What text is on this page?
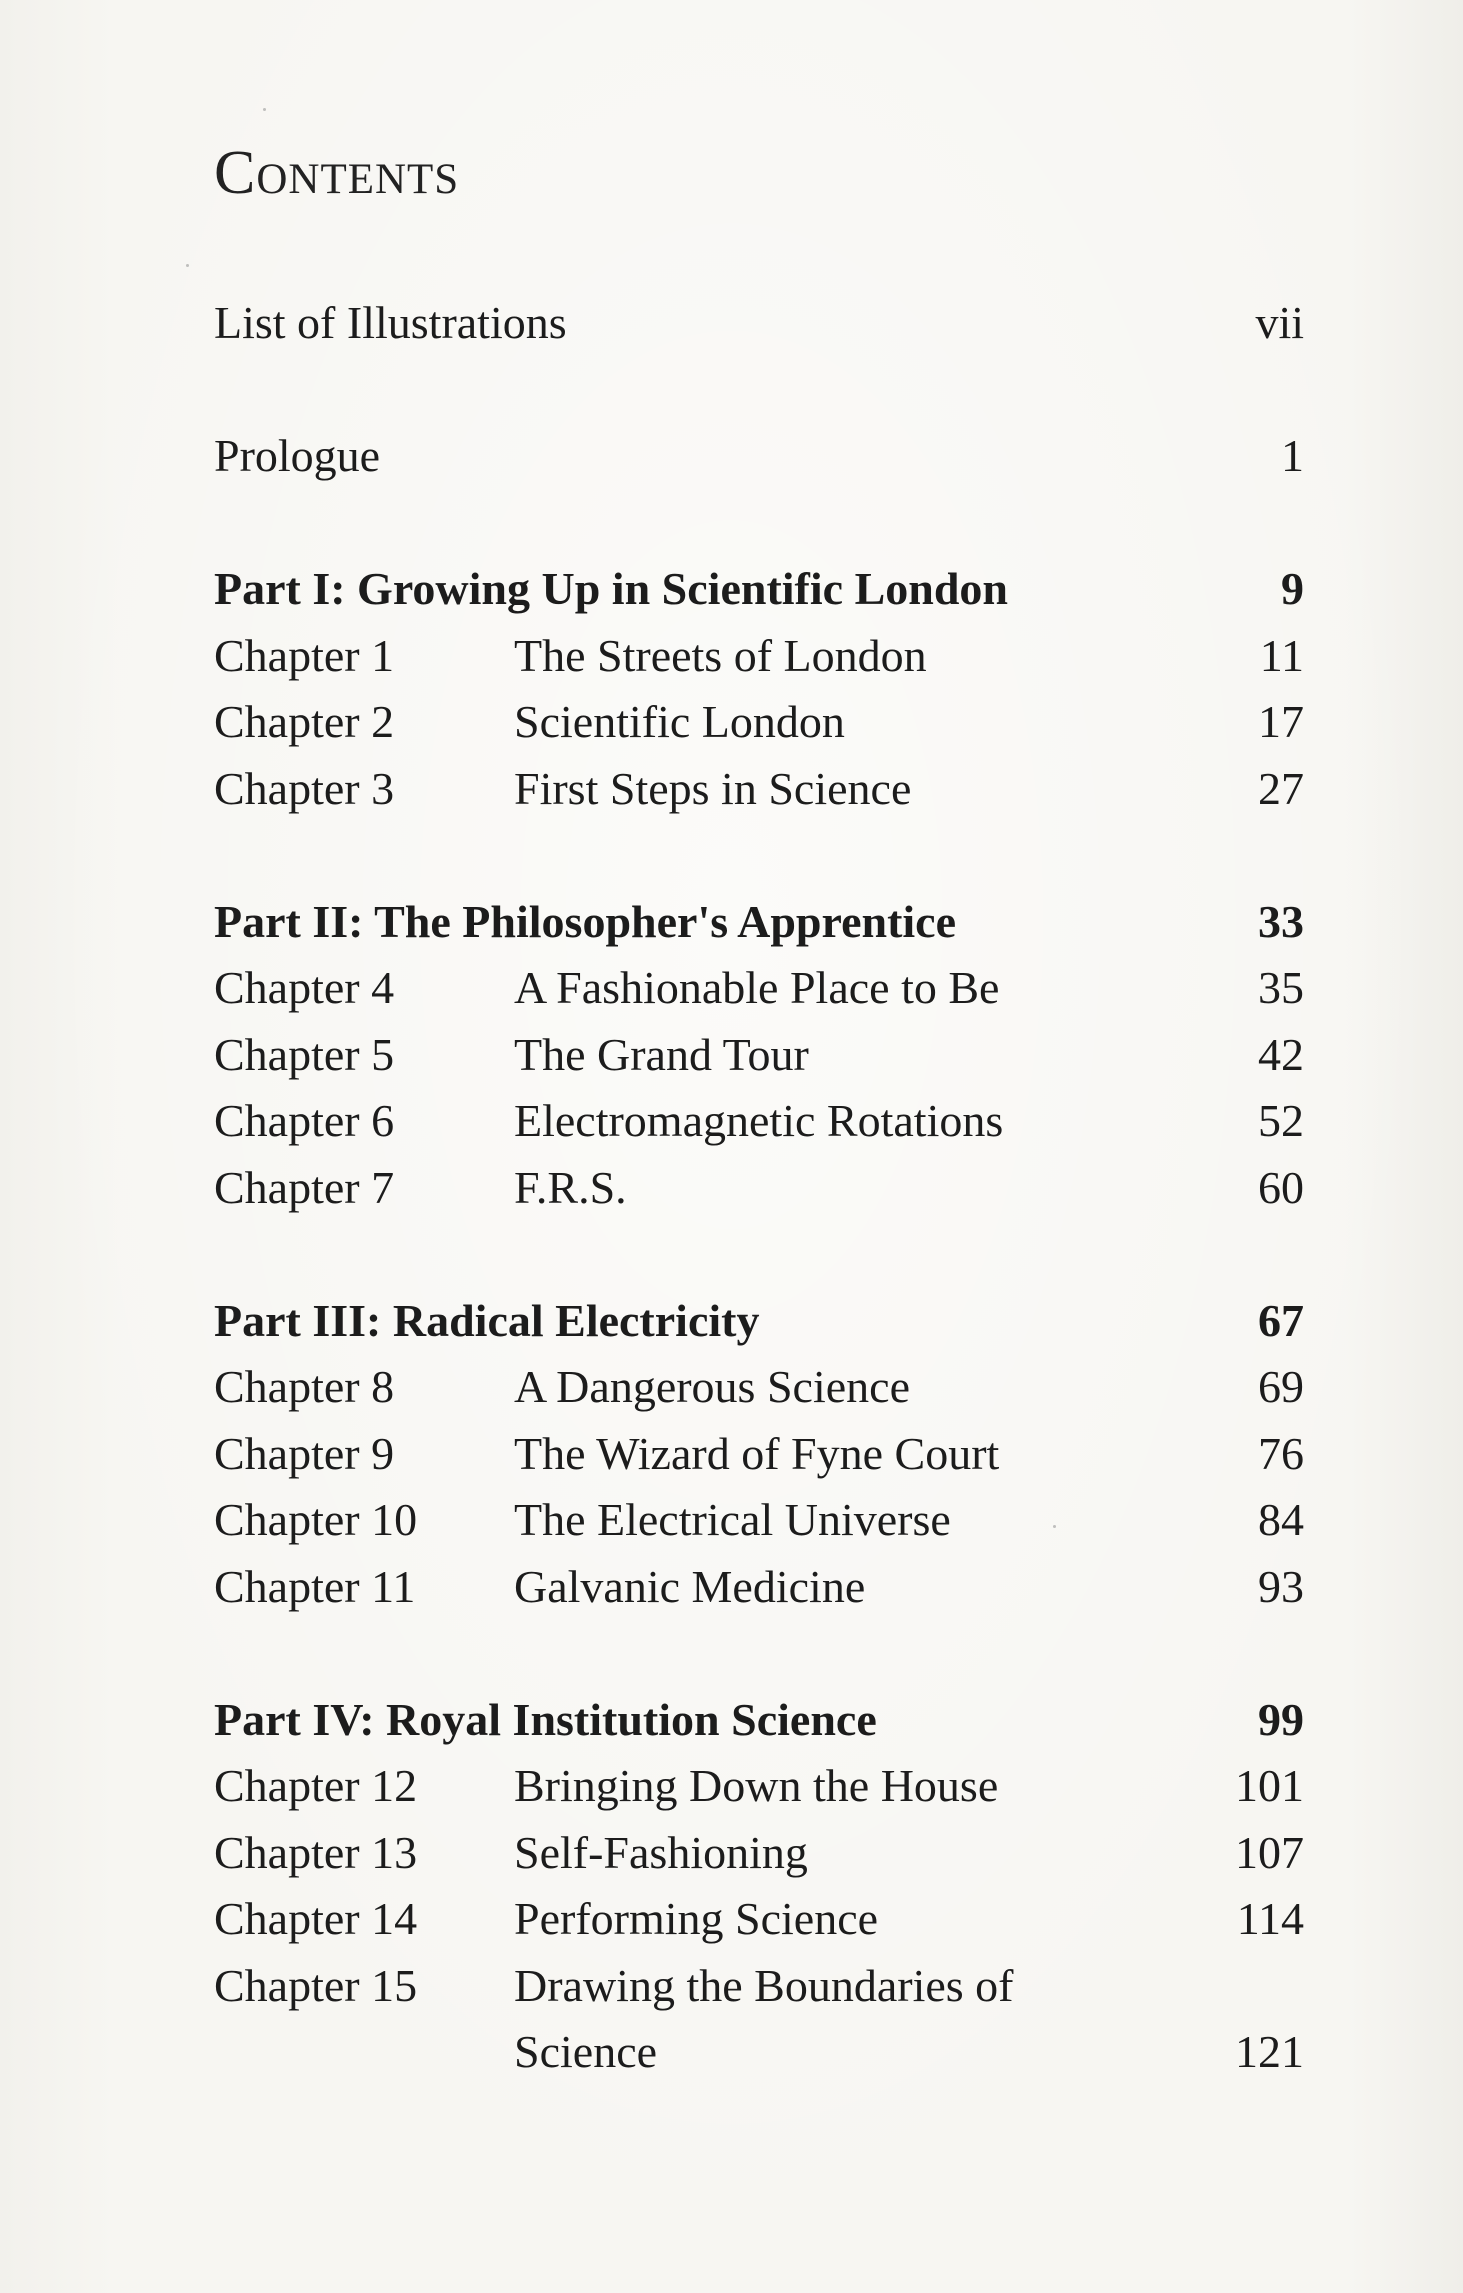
Contents
List of Illustrations	vii
Prologue	1
Part I: Growing Up in Scientific London	9
Chapter 1	The Streets of London	11
Chapter 2	Scientific London	17
Chapter 3	First Steps in Science	27
Part II: The Philosopher's Apprentice	33
Chapter 4	A Fashionable Place to Be	35
Chapter 5	The Grand Tour	42
Chapter 6	Electromagnetic Rotations	52
Chapter 7	F.R.S.	60
Part III: Radical Electricity	67
Chapter 8	A Dangerous Science	69
Chapter 9	The Wizard of Fyne Court	76
Chapter 10	The Electrical Universe	84
Chapter 11	Galvanic Medicine	93
Part IV: Royal Institution Science	99
Chapter 12	Bringing Down the House	101
Chapter 13	Self-Fashioning	107
Chapter 14	Performing Science	114
Chapter 15	Drawing the Boundaries of Science	121
